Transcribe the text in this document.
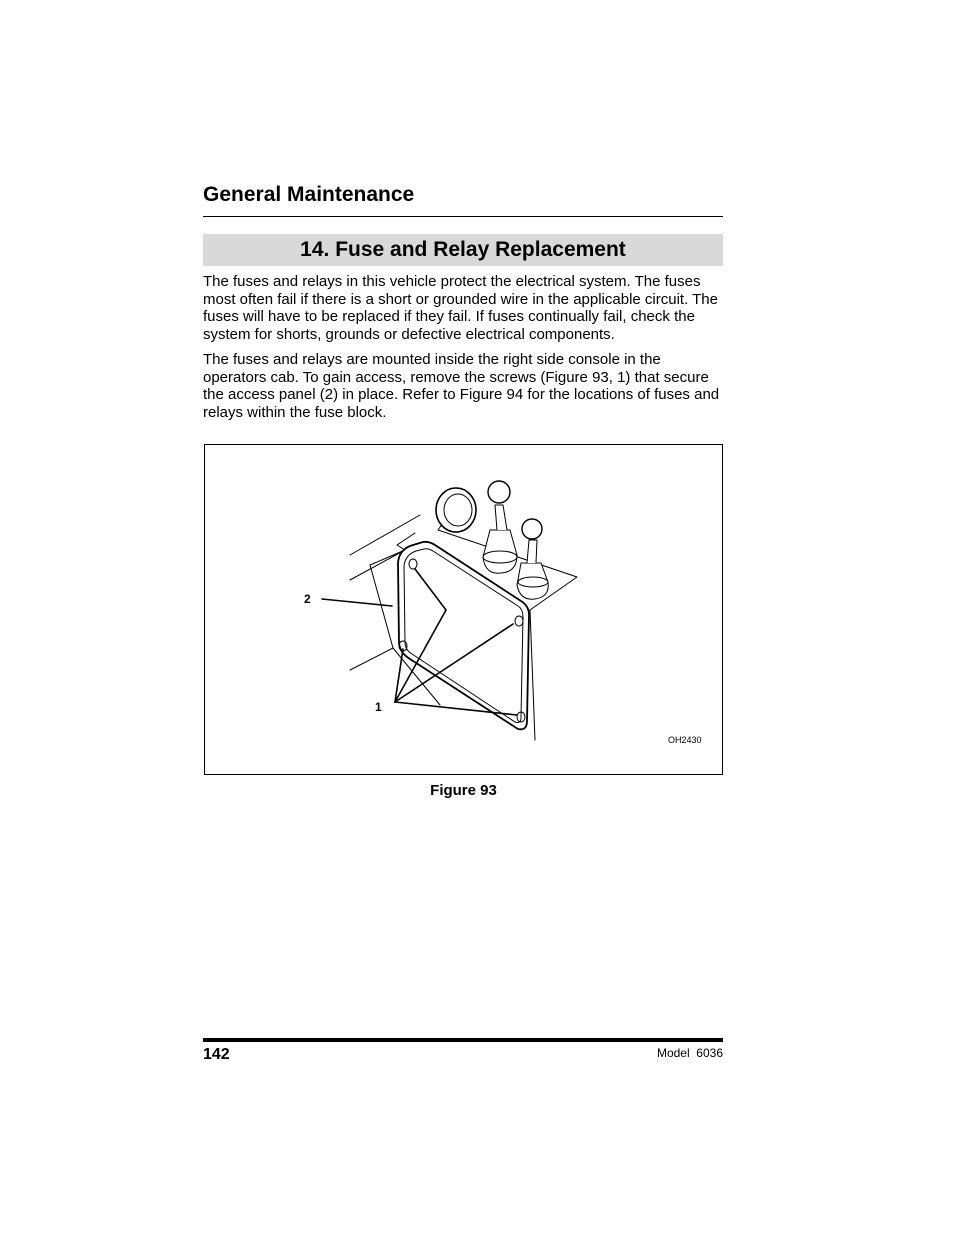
General Maintenance
14. Fuse and Relay Replacement

The fuses and relays in this vehicle protect the electrical system. The fuses most often fail if there is a short or grounded wire in the applicable circuit. The fuses will have to be replaced if they fail. If fuses continually fail, check the system for shorts, grounds or defective electrical components.

The fuses and relays are mounted inside the right side console in the operators cab. To gain access, remove the screws (Figure 93, 1) that secure the access panel (2) in place. Refer to Figure 94 for the locations of fuses and relays within the fuse block.

2
1
OH2430

Figure 93

142	Model  6036
